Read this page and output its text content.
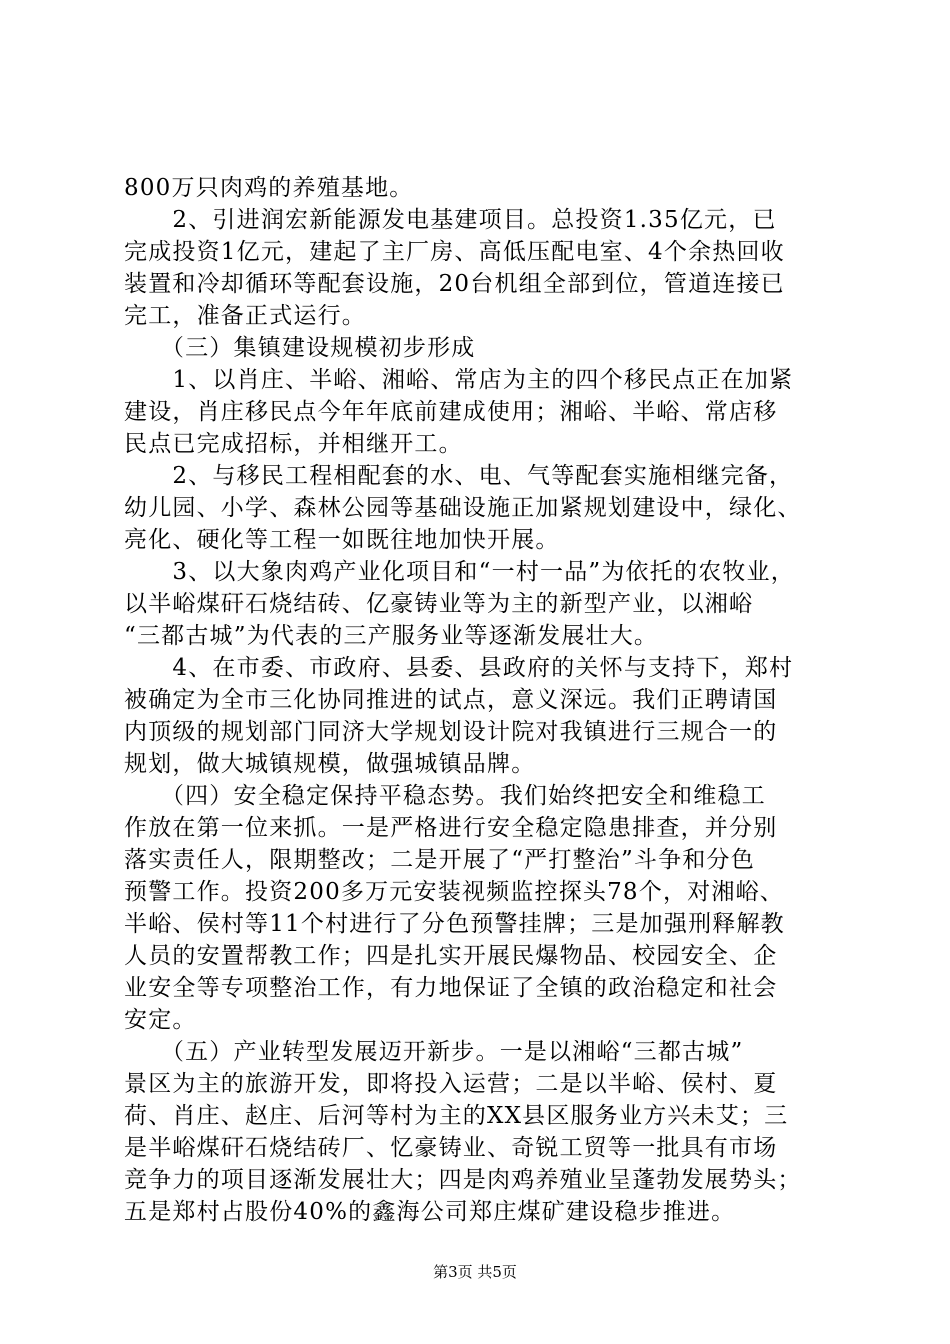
800万只肉鸡的养殖基地。
　　2、引进润宏新能源发电基建项目。总投资1.35亿元，已
完成投资1亿元，建起了主厂房、高低压配电室、4个余热回收
装置和冷却循环等配套设施，20台机组全部到位，管道连接已
完工，准备正式运行。
　　（三）集镇建设规模初步形成
　　1、以肖庄、半峪、湘峪、常店为主的四个移民点正在加紧
建设，肖庄移民点今年年底前建成使用；湘峪、半峪、常店移
民点已完成招标，并相继开工。
　　2、与移民工程相配套的水、电、气等配套实施相继完备，
幼儿园、小学、森林公园等基础设施正加紧规划建设中，绿化、
亮化、硬化等工程一如既往地加快开展。
　　3、以大象肉鸡产业化项目和“一村一品”为依托的农牧业，
以半峪煤矸石烧结砖、亿豪铸业等为主的新型产业，以湘峪
“三都古城”为代表的三产服务业等逐渐发展壮大。
　　4、在市委、市政府、县委、县政府的关怀与支持下，郑村
被确定为全市三化协同推进的试点，意义深远。我们正聘请国
内顶级的规划部门同济大学规划设计院对我镇进行三规合一的
规划，做大城镇规模，做强城镇品牌。
　　（四）安全稳定保持平稳态势。我们始终把安全和维稳工
作放在第一位来抓。一是严格进行安全稳定隐患排查，并分别
落实责任人，限期整改；二是开展了“严打整治”斗争和分色
预警工作。投资200多万元安装视频监控探头78个，对湘峪、
半峪、侯村等11个村进行了分色预警挂牌；三是加强刑释解教
人员的安置帮教工作；四是扎实开展民爆物品、校园安全、企
业安全等专项整治工作，有力地保证了全镇的政治稳定和社会
安定。
　　（五）产业转型发展迈开新步。一是以湘峪“三都古城”
景区为主的旅游开发，即将投入运营；二是以半峪、侯村、夏
荷、肖庄、赵庄、后河等村为主的XX县区服务业方兴未艾；三
是半峪煤矸石烧结砖厂、忆豪铸业、奇锐工贸等一批具有市场
竞争力的项目逐渐发展壮大；四是肉鸡养殖业呈蓬勃发展势头；
五是郑村占股份40%的鑫海公司郑庄煤矿建设稳步推进。
第3页 共5页
